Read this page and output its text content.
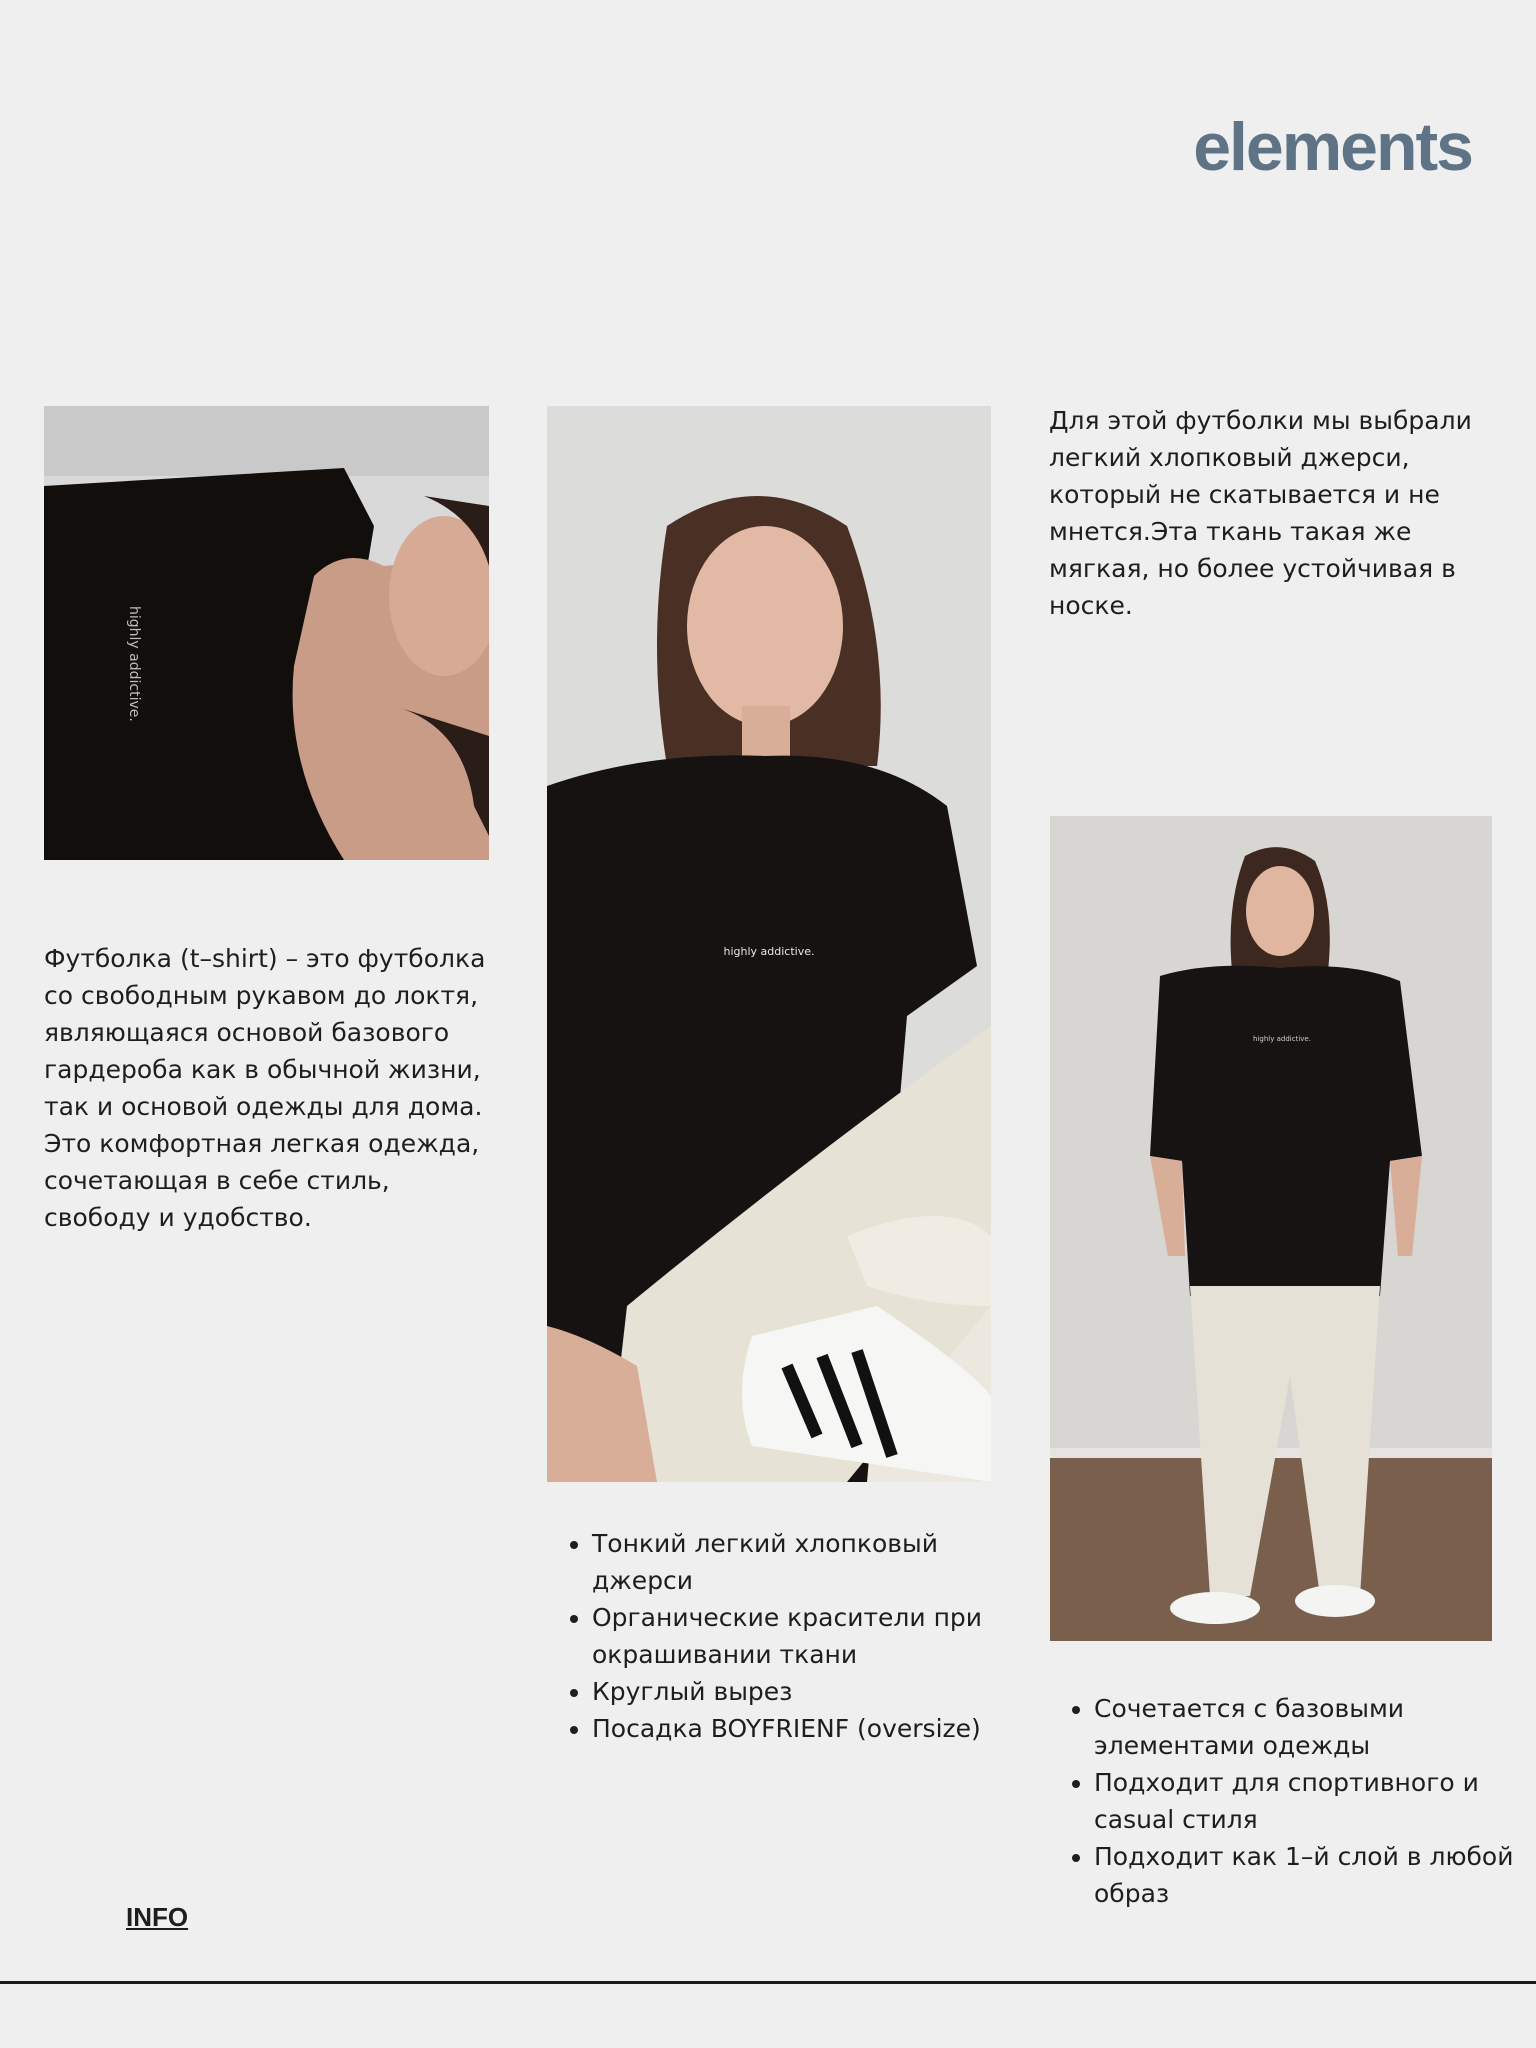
elements
highly addictive.
highly addictive.
highly addictive.

Для этой футболки мы выбрали легкий хлопковый джерси, который не скатывается и не мнется.Эта ткань такая же мягкая, но более устойчивая в носке.

Футболка (t–shirt) – это футболка со свободным рукавом до локтя, являющаяся основой базового гардероба как в обычной жизни, так и основой одежды для дома. Это комфортная легкая одежда, сочетающая в себе стиль, свободу и удобство.

• Тонкий легкий хлопковый джерси
• Органические красители при окрашивании ткани
• Круглый вырез
• Посадка BOYFRIENF (oversize)
• Сочетается с базовыми элементами одежды
• Подходит для спортивного и casual стиля
• Подходит как 1–й слой в любой образ
INFO
